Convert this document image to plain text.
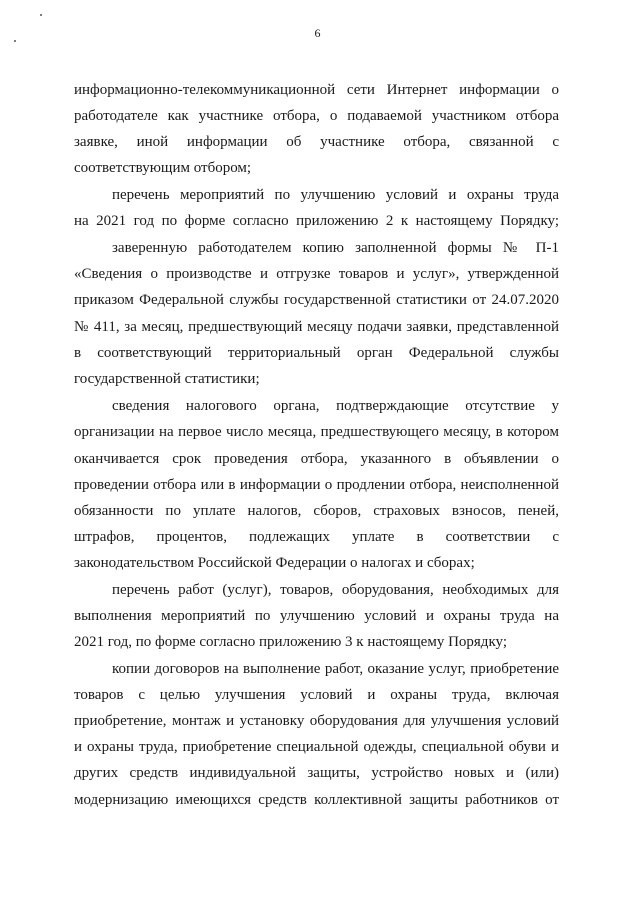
6
информационно-телекоммуникационной сети Интернет информации о
работодателе как участнике отбора, о подаваемой участником отбора
заявке, иной информации об участнике отбора, связанной с
соответствующим отбором;
перечень мероприятий по улучшению условий и охраны труда
на 2021 год по форме согласно приложению 2 к настоящему Порядку;
заверенную работодателем копию заполненной формы № П-1
«Сведения о производстве и отгрузке товаров и услуг», утвержденной
приказом Федеральной службы государственной статистики от 24.07.2020
№ 411, за месяц, предшествующий месяцу подачи заявки, представленной
в соответствующий территориальный орган Федеральной службы
государственной статистики;
сведения налогового органа, подтверждающие отсутствие у
организации на первое число месяца, предшествующего месяцу, в котором
оканчивается срок проведения отбора, указанного в объявлении о
проведении отбора или в информации о продлении отбора, неисполненной
обязанности по уплате налогов, сборов, страховых взносов, пеней,
штрафов, процентов, подлежащих уплате в соответствии с
законодательством Российской Федерации о налогах и сборах;
перечень работ (услуг), товаров, оборудования, необходимых для
выполнения мероприятий по улучшению условий и охраны труда на
2021 год, по форме согласно приложению 3 к настоящему Порядку;
копии договоров на выполнение работ, оказание услуг, приобретение
товаров с целью улучшения условий и охраны труда, включая
приобретение, монтаж и установку оборудования для улучшения условий
и охраны труда, приобретение специальной одежды, специальной обуви и
других средств индивидуальной защиты, устройство новых и (или)
модернизацию имеющихся средств коллективной защиты работников от
